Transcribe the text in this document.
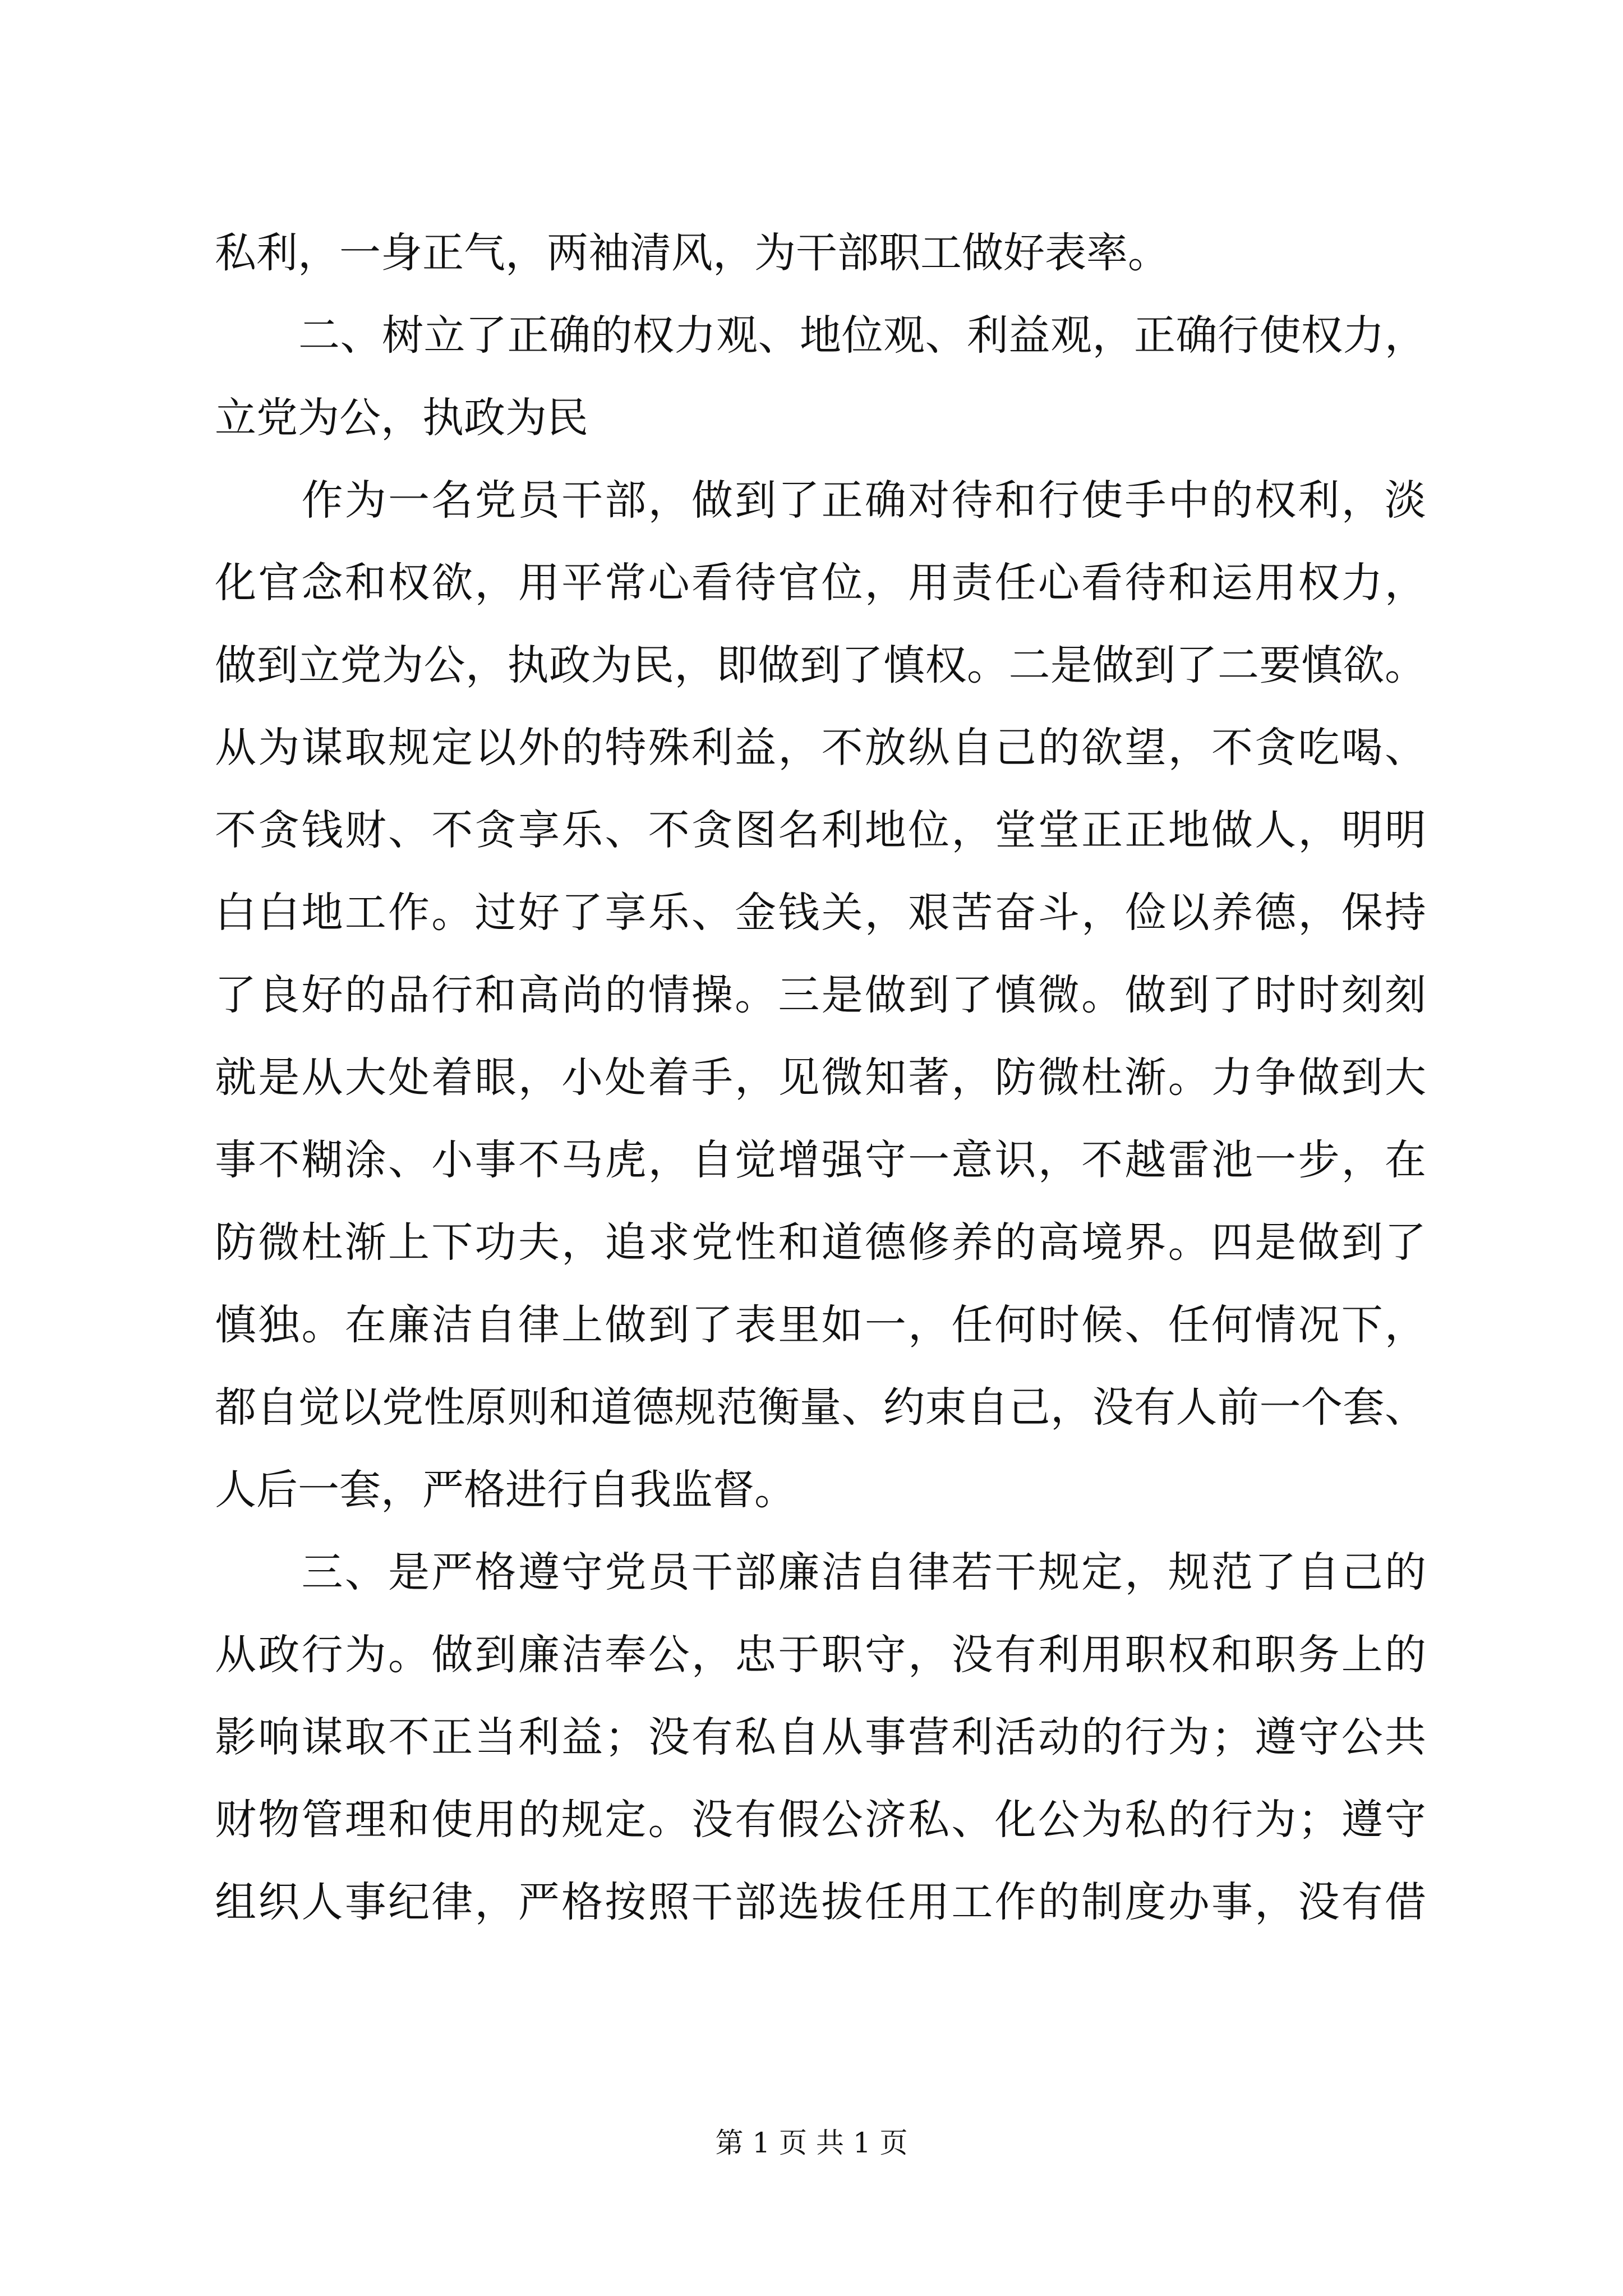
私利，一身正气，两袖清风，为干部职工做好表率。
　　二、树立了正确的权力观、地位观、利益观，正确行使权力，
立党为公，执政为民
　　作为一名党员干部，做到了正确对待和行使手中的权利，淡
化官念和权欲，用平常心看待官位，用责任心看待和运用权力，
做到立党为公，执政为民，即做到了慎权。二是做到了二要慎欲。
从为谋取规定以外的特殊利益，不放纵自己的欲望，不贪吃喝、
不贪钱财、不贪享乐、不贪图名利地位，堂堂正正地做人，明明
白白地工作。过好了享乐、金钱关，艰苦奋斗，俭以养德，保持
了良好的品行和高尚的情操。三是做到了慎微。做到了时时刻刻
就是从大处着眼，小处着手，见微知著，防微杜渐。力争做到大
事不糊涂、小事不马虎，自觉增强守一意识，不越雷池一步，在
防微杜渐上下功夫，追求党性和道德修养的高境界。四是做到了
慎独。在廉洁自律上做到了表里如一，任何时候、任何情况下，
都自觉以党性原则和道德规范衡量、约束自己，没有人前一个套、
人后一套，严格进行自我监督。
　　三、是严格遵守党员干部廉洁自律若干规定，规范了自己的
从政行为。做到廉洁奉公，忠于职守，没有利用职权和职务上的
影响谋取不正当利益；没有私自从事营利活动的行为；遵守公共
财物管理和使用的规定。没有假公济私、化公为私的行为；遵守
组织人事纪律，严格按照干部选拔任用工作的制度办事，没有借
第 1 页 共 1 页
